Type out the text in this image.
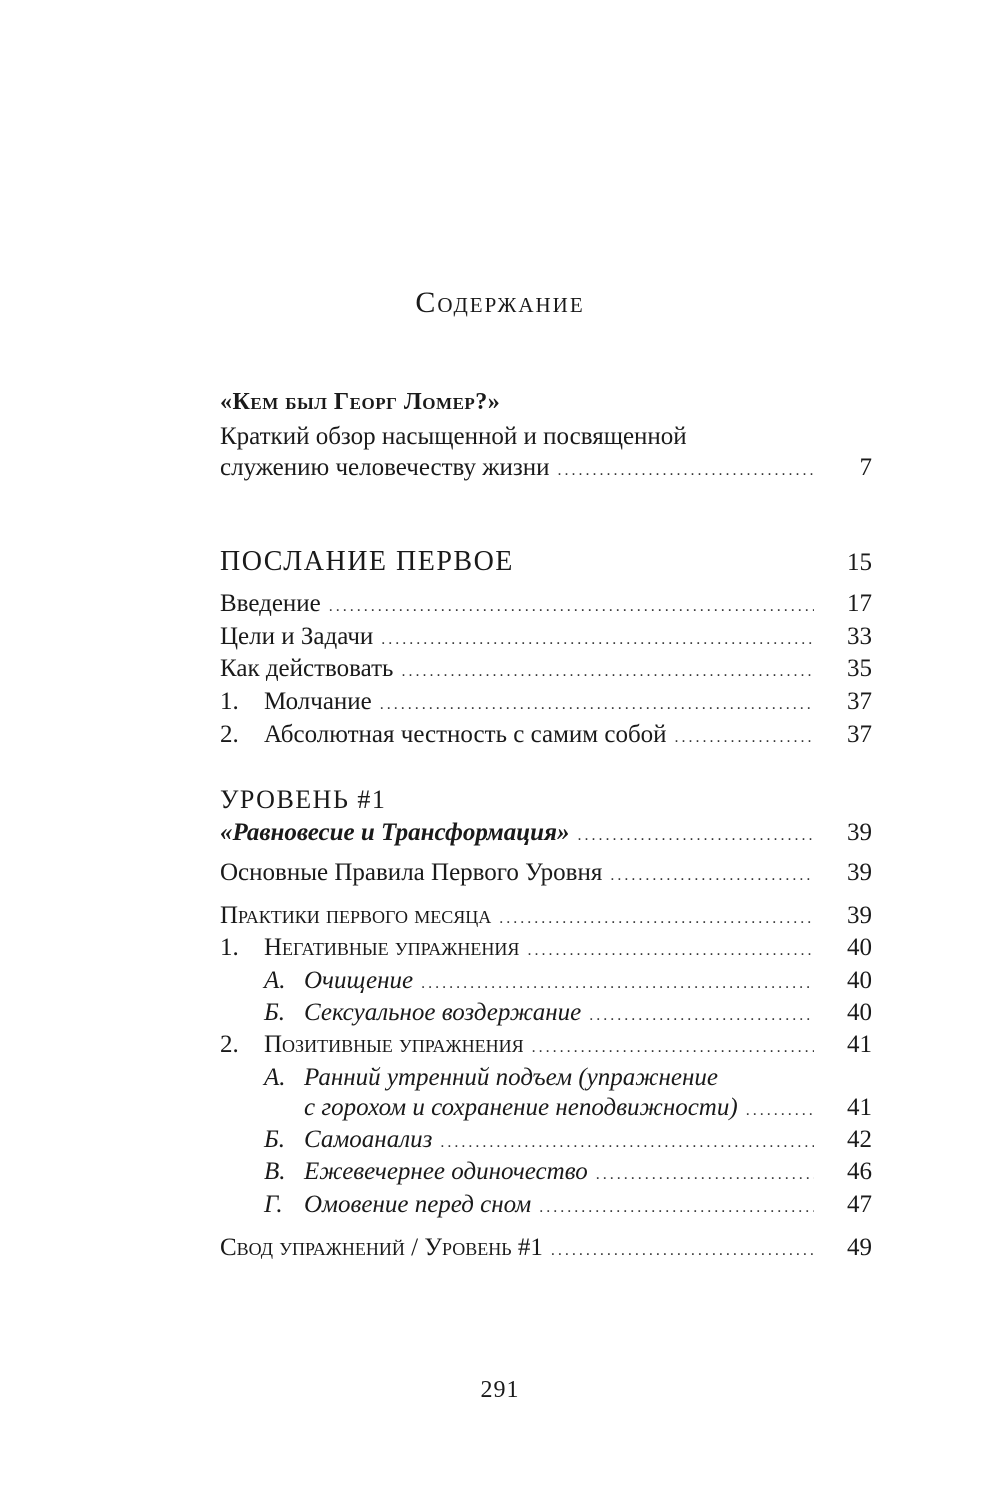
Содержание
«Кем был Георг Ломер?»
Краткий обзор насыщенной и посвященной
служению человечеству жизни .....	7
ПОСЛАНИЕ ПЕРВОЕ	15
Введение .....	17
Цели и Задачи .....	33
Как действовать .....	35
1.	Молчание .....	37
2.	Абсолютная честность с самим собой .....	37
УРОВЕНЬ #1
«Равновесие и Трансформация» .....	39
Основные Правила Первого Уровня .....	39
Практики первого месяца .....	39
1.	Негативные упражнения .....	40
А. Очищение .....	40
Б. Сексуальное воздержание .....	40
2.	Позитивные упражнения .....	41
А. Ранний утренний подъем (упражнение
с горохом и сохранение неподвижности) .....	41
Б. Самоанализ .....	42
В. Ежевечернее одиночество .....	46
Г. Омовение перед сном .....	47
Свод упражнений / Уровень #1 .....	49
291
